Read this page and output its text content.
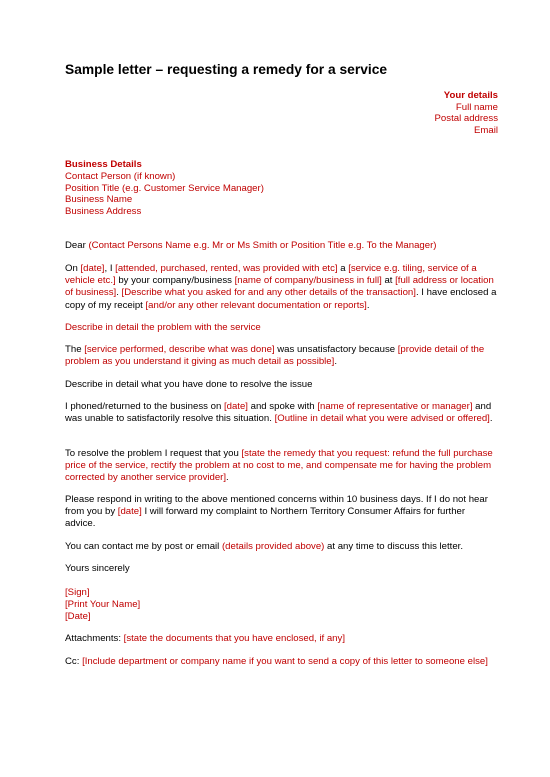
Sample letter – requesting a remedy for a service
Your details
Full name
Postal address
Email
Business Details
Contact Person (if known)
Position Title (e.g. Customer Service Manager)
Business Name
Business Address
Dear (Contact Persons Name e.g. Mr or Ms Smith or Position Title e.g. To the Manager)
On [date], I [attended, purchased, rented, was provided with etc] a [service e.g. tiling, service of a vehicle etc.] by your company/business [name of company/business in full] at [full address or location of business]. [Describe what you asked for and any other details of the transaction]. I have enclosed a copy of my receipt [and/or any other relevant documentation or reports].
Describe in detail the problem with the service
The [service performed, describe what was done] was unsatisfactory because [provide detail of the problem as you understand it giving as much detail as possible].
Describe in detail what you have done to resolve the issue
I phoned/returned to the business on [date] and spoke with [name of representative or manager] and was unable to satisfactorily resolve this situation. [Outline in detail what you were advised or offered].
To resolve the problem I request that you [state the remedy that you request: refund the full purchase price of the service, rectify the problem at no cost to me, and compensate me for having the problem corrected by another service provider].
Please respond in writing to the above mentioned concerns within 10 business days. If I do not hear from you by [date] I will forward my complaint to Northern Territory Consumer Affairs for further advice.
You can contact me by post or email (details provided above) at any time to discuss this letter.
Yours sincerely
[Sign]
[Print Your Name]
[Date]
Attachments: [state the documents that you have enclosed, if any]
Cc: [Include department or company name if you want to send a copy of this letter to someone else]
